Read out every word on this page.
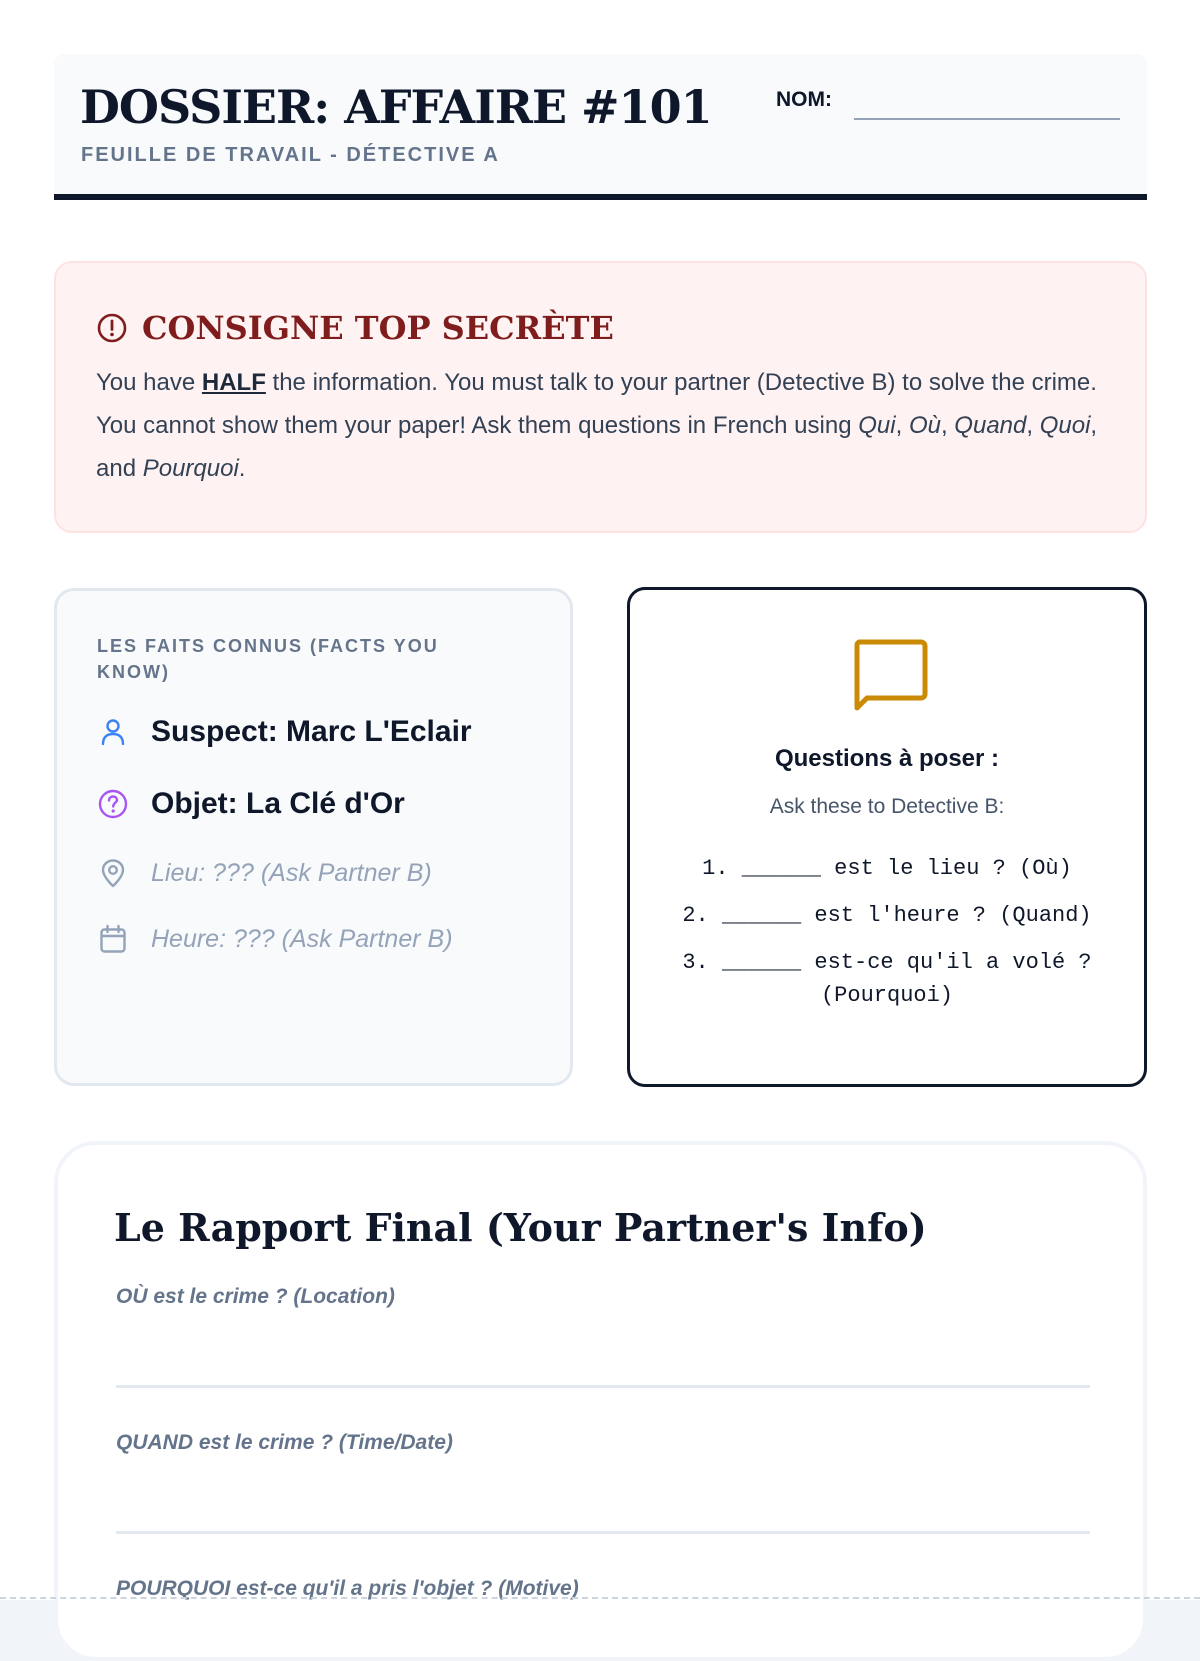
DOSSIER: AFFAIRE #101
FEUILLE DE TRAVAIL - DÉTECTIVE A
NOM:
CONSIGNE TOP SECRÈTE
You have HALF the information. You must talk to your partner (Detective B) to solve the crime. You cannot show them your paper! Ask them questions in French using Qui, Où, Quand, Quoi, and Pourquoi.
LES FAITS CONNUS (FACTS YOU KNOW)
Suspect: Marc L'Eclair
Objet: La Clé d'Or
Lieu: ??? (Ask Partner B)
Heure: ??? (Ask Partner B)
Questions à poser :
Ask these to Detective B:
1. ______ est le lieu ? (Où)
2. ______ est l'heure ? (Quand)
3. ______ est-ce qu'il a volé ? (Pourquoi)
Le Rapport Final (Your Partner's Info)
OÙ est le crime ? (Location)
QUAND est le crime ? (Time/Date)
POURQUOI est-ce qu'il a pris l'objet ? (Motive)
